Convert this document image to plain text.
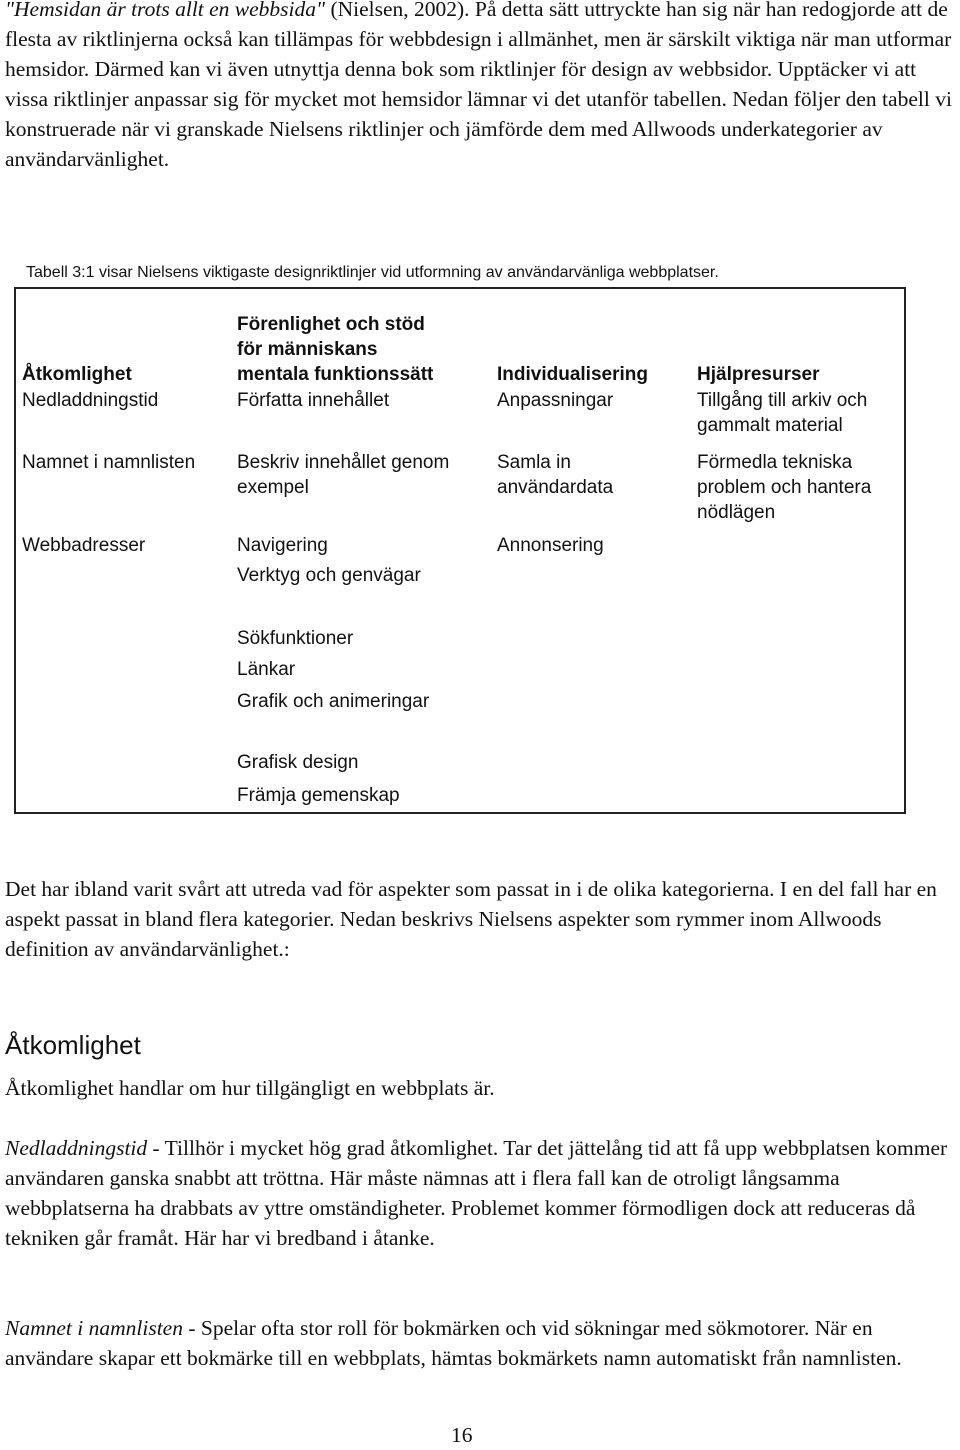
"Hemsidan är trots allt en webbsida" (Nielsen, 2002). På detta sätt uttryckte han sig när han redogjorde att de flesta av riktlinjerna också kan tillämpas för webbdesign i allmänhet, men är särskilt viktiga när man utformar hemsidor. Därmed kan vi även utnyttja denna bok som riktlinjer för design av webbsidor. Upptäcker vi att vissa riktlinjer anpassar sig för mycket mot hemsidor lämnar vi det utanför tabellen. Nedan följer den tabell vi konstruerade när vi granskade Nielsens riktlinjer och jämförde dem med Allwoods underkategorier av användarvänlighet.

Tabell 3:1 visar Nielsens viktigaste designriktlinjer vid utformning av användarvänliga webbplatser.

Åtkomlighet

Förenlighet och stöd

för människans

mentala funktionssätt	Individualisering	Hjälpresurser

Nedladdningstid

Namnet i namnlisten

Webbadresser

Författa innehållet

Beskriv innehållet genom

exempel

Navigering

Verktyg och genvägar

Sökfunktioner

Länkar

Grafik och animeringar

Grafisk design

Främja gemenskap

Anpassningar

Samla in

användardata

Annonsering

Tillgång till arkiv och

gammalt material

Förmedla tekniska

problem och hantera

nödlägen

Det har ibland varit svårt att utreda vad för aspekter som passat in i de olika kategorierna. I en del fall har en aspekt passat in bland flera kategorier. Nedan beskrivs Nielsens aspekter som rymmer inom Allwoods definition av användarvänlighet.:

Åtkomlighet

Åtkomlighet handlar om hur tillgängligt en webbplats är.

Nedladdningstid - Tillhör i mycket hög grad åtkomlighet. Tar det jättelång tid att få upp webbplatsen kommer användaren ganska snabbt att tröttna. Här måste nämnas att i flera fall kan de otroligt långsamma webbplatserna ha drabbats av yttre omständigheter. Problemet kommer förmodligen dock att reduceras då tekniken går framåt. Här har vi bredband i åtanke.

Namnet i namnlisten - Spelar ofta stor roll för bokmärken och vid sökningar med sökmotorer. När en användare skapar ett bokmärke till en webbplats, hämtas bokmärkets namn automatiskt från namnlisten.

16
